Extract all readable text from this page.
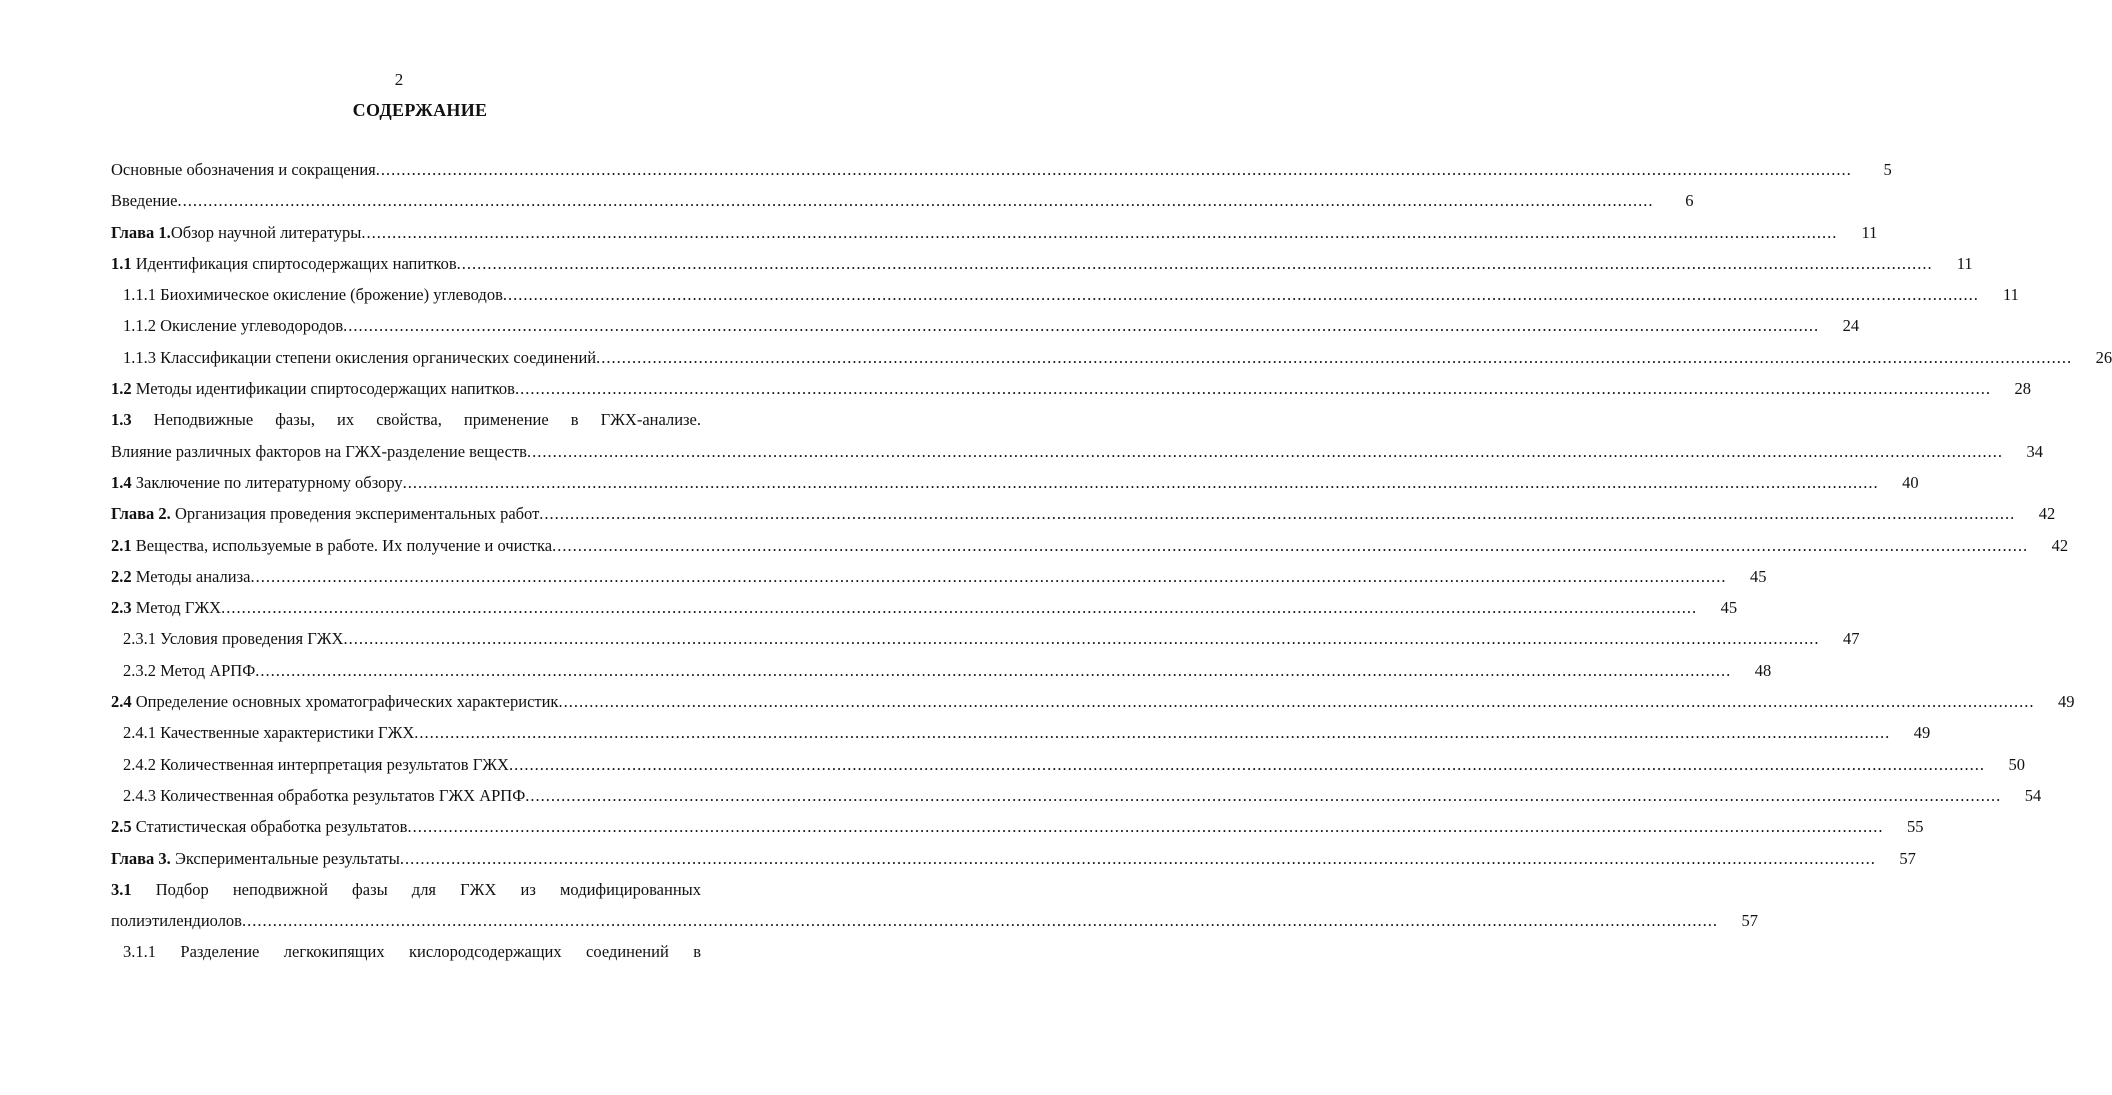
2
СОДЕРЖАНИЕ
Основные обозначения и сокращения .....	5
Введение .....	6
Глава 1.Обзор научной литературы .....	11
1.1 Идентификация спиртосодержащих напитков .....	11
1.1.1 Биохимическое окисление (брожение) углеводов .....	11
1.1.2 Окисление углеводородов .....	24
1.1.3 Классификации степени окисления органических соединений .....	26
1.2 Методы идентификации спиртосодержащих напитков .....	28
1.3 Неподвижные фазы, их свойства, применение в ГЖХ-анализе.
Влияние различных факторов на ГЖХ-разделение веществ .....	34
1.4 Заключение по литературному обзору .....	40
Глава 2. Организация проведения экспериментальных работ .....	42
2.1 Вещества, используемые в работе. Их получение и очистка .....	42
2.2 Методы анализа .....	45
2.3 Метод ГЖХ .....	45
2.3.1 Условия проведения ГЖХ .....	47
2.3.2 Метод АРПФ .....	48
2.4 Определение основных хроматографических характеристик .....	49
2.4.1 Качественные характеристики ГЖХ .....	49
2.4.2 Количественная интерпретация результатов ГЖХ .....	50
2.4.3 Количественная обработка результатов ГЖХ АРПФ .....	54
2.5 Статистическая обработка результатов .....	55
Глава 3. Экспериментальные результаты .....	57
3.1 Подбор неподвижной фазы для ГЖХ из модифицированных
полиэтилендиолов .....	57
3.1.1 Разделение легкокипящих кислородсодержащих соединений в
